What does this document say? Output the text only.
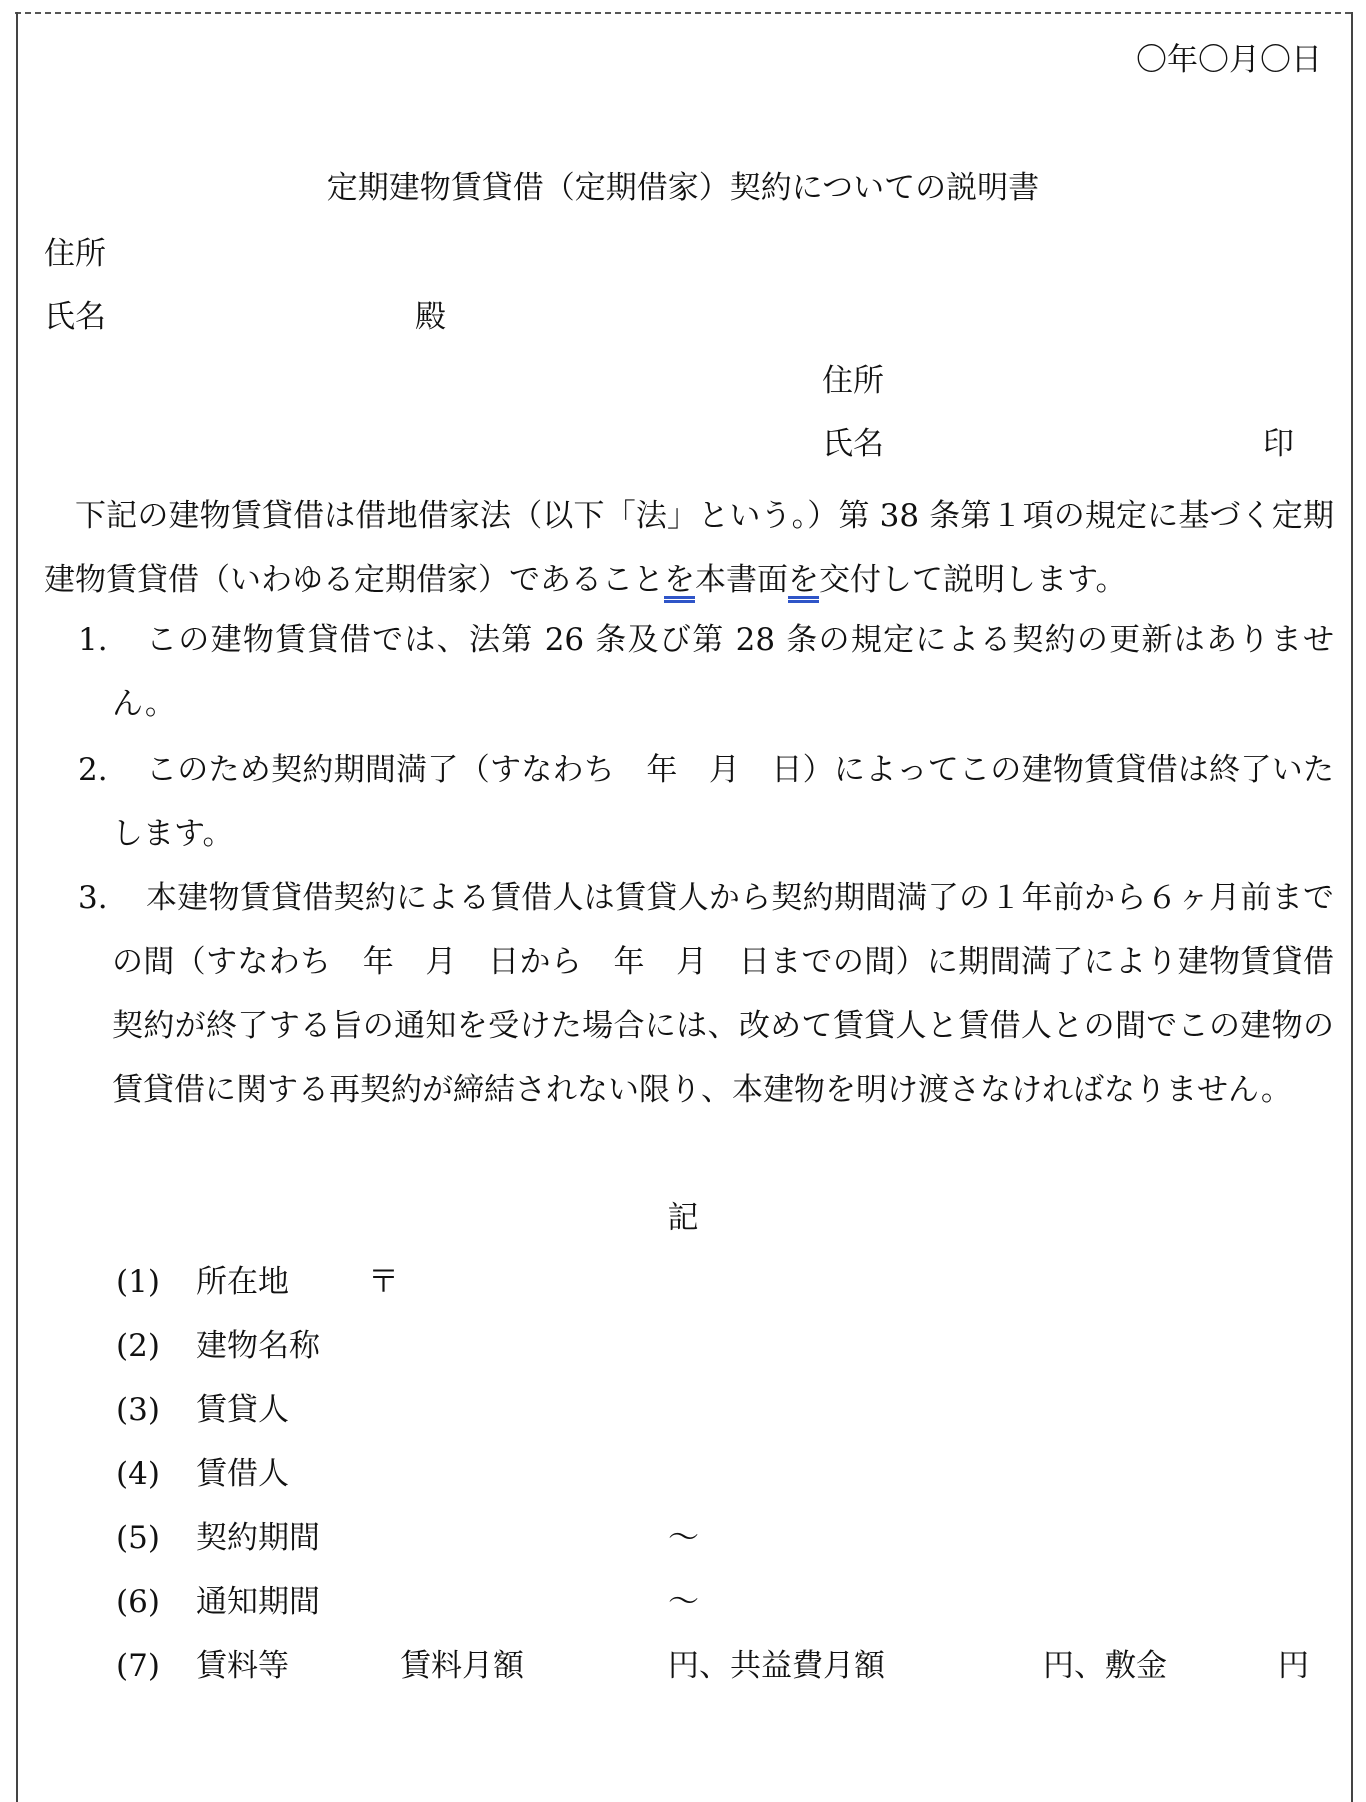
〇年〇月〇日
定期建物賃貸借（定期借家）契約についての説明書
住所
氏名	殿
住所
氏名	印

下記の建物賃貸借は借地借家法（以下「法」という。）第 38 条第１項の規定に基づく定期建物賃貸借（いわゆる定期借家）であることを本書面を交付して説明します。

1.	この建物賃貸借では、法第 26 条及び第 28 条の規定による契約の更新はありません。
2.	このため契約期間満了（すなわち　年　月　日）によってこの建物賃貸借は終了いたします。
3.	本建物賃貸借契約による賃借人は賃貸人から契約期間満了の１年前から６ヶ月前までの間（すなわち　年　月　日から　年　月　日までの間）に期間満了により建物賃貸借契約が終了する旨の通知を受けた場合には、改めて賃貸人と賃借人との間でこの建物の賃貸借に関する再契約が締結されない限り、本建物を明け渡さなければなりません。
記
(1) 所在地	〒
(2) 建物名称
(3) 賃貸人
(4) 賃借人
(5) 契約期間	～
(6) 通知期間	～
(7) 賃料等	賃料月額	円、共益費月額	円、敷金	円
